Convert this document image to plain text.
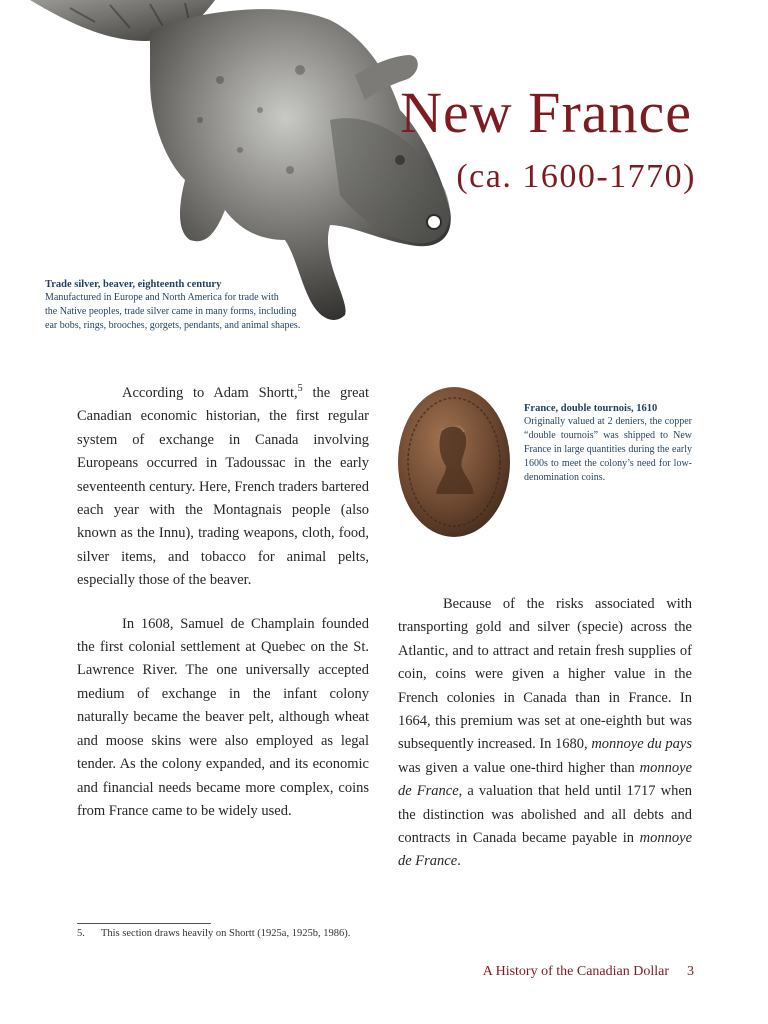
New France
(ca. 1600-1770)
Trade silver, beaver, eighteenth century
Manufactured in Europe and North America for trade with
the Native peoples, trade silver came in many forms, including
ear bobs, rings, brooches, gorgets, pendants, and animal shapes.
France, double tournois, 1610
Originally valued at 2 deniers, the copper “double tournois” was shipped to New France in large quantities during the early 1600s to meet the colony’s need for low-denomination coins.

According to Adam Shortt,$^5$ the great Canadian economic historian, the first regular system of exchange in Canada involving Europeans occurred in Tadoussac in the early seventeenth century. Here, French traders bartered each year with the Montagnais people (also known as the Innu), trading weapons, cloth, food, silver items, and tobacco for animal pelts, especially those of the beaver.

In 1608, Samuel de Champlain founded the first colonial settlement at Quebec on the St. Lawrence River. The one universally accepted medium of exchange in the infant colony naturally became the beaver pelt, although wheat and moose skins were also employed as legal tender. As the colony expanded, and its economic and financial needs became more complex, coins from France came to be widely used.

Because of the risks associated with transporting gold and silver (specie) across the Atlantic, and to attract and retain fresh supplies of coin, coins were given a higher value in the French colonies in Canada than in France. In 1664, this premium was set at one-eighth but was subsequently increased. In 1680, monnoye du pays was given a value one-third higher than monnoye de France, a valuation that held until 1717 when the distinction was abolished and all debts and contracts in Canada became payable in monnoye de France.

5. This section draws heavily on Shortt (1925a, 1925b, 1986).
A History of the Canadian Dollar 3
